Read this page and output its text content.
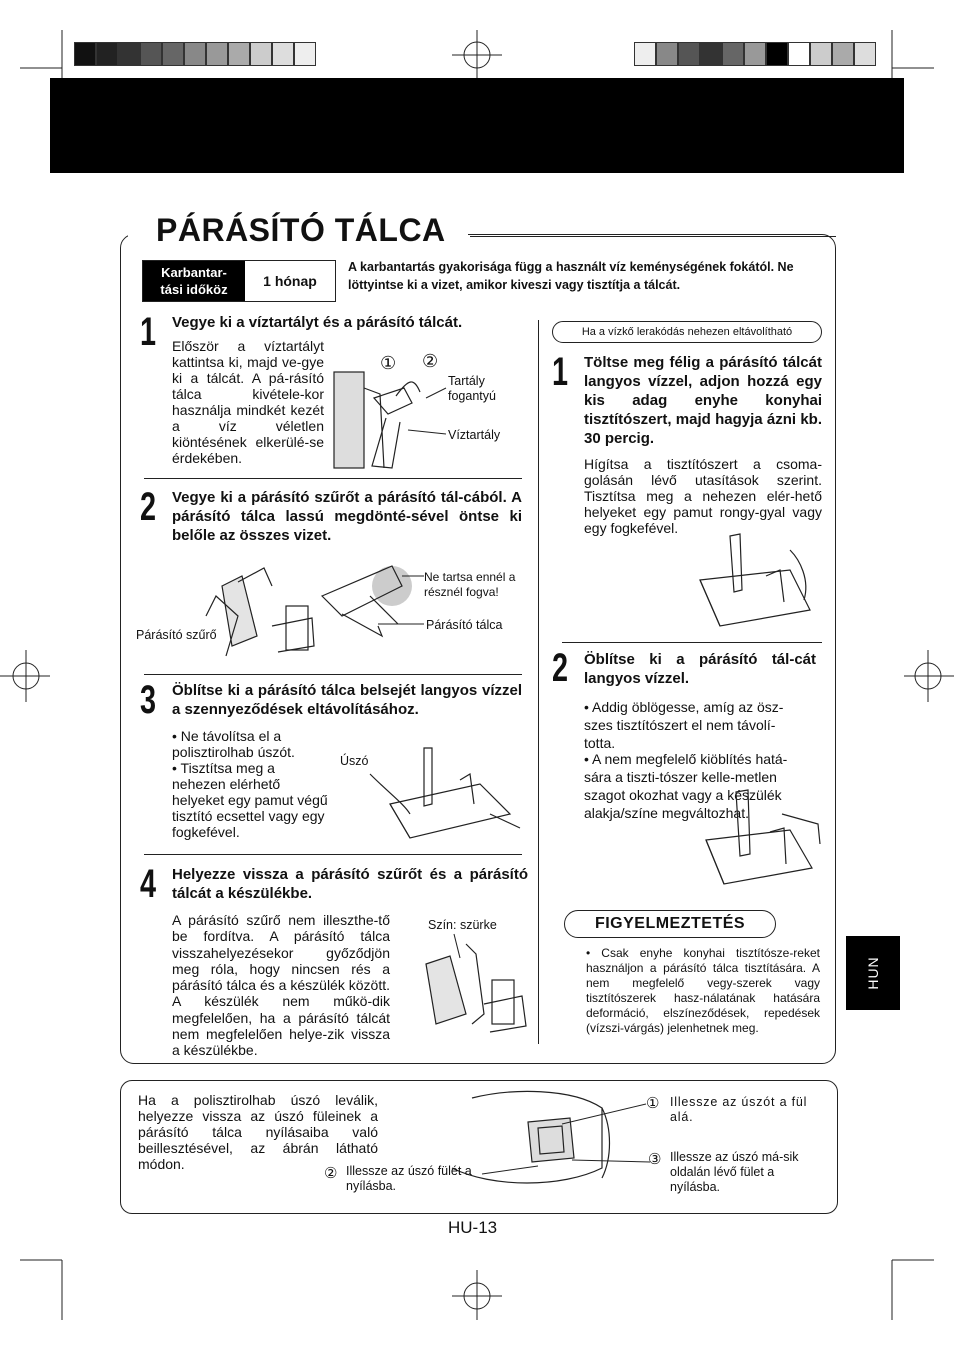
PÁRÁSÍTÓ TÁLCA
Karbantar-
tási időköz
1 hónap
A karbantartás gyakorisága függ a használt víz keménységének fokától. Ne löttyintse ki a vizet, amikor kiveszi vagy tisztítja a tálcát.
1 Vegye ki a víztartályt és a párásító tálcát.
Először a víztartályt kattintsa ki, majd ve-gye ki a tálcát. A pá-rásító tálca kivétele-kor használja mindkét kezét a víz véletlen kiöntésének elkerülé-se érdekében.
① ②
Tartály fogantyú
Víztartály
2 Vegye ki a párásító szűrőt a párásító tál-cából. A párásító tálca lassú megdönté-sével öntse ki belőle az összes vizet.
Párásító szűrő
Ne tartsa ennél a résznél fogva!
Párásító tálca
3 Öblítse ki a párásító tálca belsejét langyos vízzel a szennyeződések eltávolításához.
• Ne távolítsa el a polisztirolhab úszót.
• Tisztítsa meg a nehezen elérhető helyeket egy pamut végű tisztító ecsettel vagy egy fogkefével.
Úszó
4 Helyezze vissza a párásító szűrőt és a párásító tálcát a készülékbe.
A párásító szűrő nem illeszthe-tő be fordítva. A párásító tálca visszahelyezésekor győződjön meg róla, hogy nincsen rés a párásító tálca és a készülék között. A készülék nem műkö-dik megfelelően, ha a párásító tálcát nem megfelelően helye-zik vissza a készülékbe.
Szín: szürke
Ha a vízkő lerakódás nehezen eltávolítható
1 Töltse meg félig a párásító tálcát langyos vízzel, adjon hozzá egy kis adag enyhe konyhai tisztítószert, majd hagyja ázni kb. 30 percig.
Hígítsa a tisztítószert a csoma-golásán lévő utasítások szerint. Tisztítsa meg a nehezen elér-hető helyeket egy pamut rongy-gyal vagy egy fogkefével.
2 Öblítse ki a párásító tál-cát langyos vízzel.
• Addig öblögesse, amíg az ösz-szes tisztítószert el nem távolí-totta.
• A nem megfelelő kiöblítés hatá-sára a tiszti-tószer kelle-metlen szagot okozhat vagy a készülék alakja/színe megváltozhat.
FIGYELMEZTETÉS
• Csak enyhe konyhai tisztítósze-reket használjon a párásító tálca tisztítására. A nem megfelelő vegy-szerek vagy tisztítószerek hasz-nálatának hatására deformáció, elszíneződések, repedések (vízszi-várgás) jelenhetnek meg.
HUN
Ha a polisztirolhab úszó leválik, helyezze vissza az úszó füleinek a párásító tálca nyílásaiba való beillesztésével, az ábrán látható módon.
① Illessze az úszót a fül alá.
③ Illessze az úszó má-sik oldalán lévő fület a nyílásba.
② Illessze az úszó fülét a nyílásba.
HU-13
